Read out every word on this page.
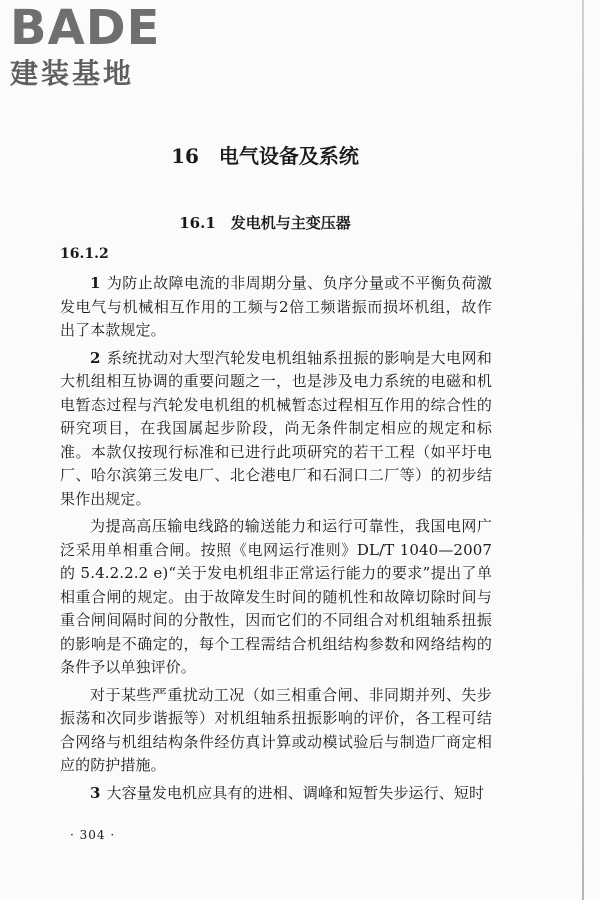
BADE
建装基地
16　电气设备及系统
16.1　发电机与主变压器
16.1.2

1 为防止故障电流的非周期分量、负序分量或不平衡负荷激发电气与机械相互作用的工频与2倍工频谐振而损坏机组，故作出了本款规定。

2 系统扰动对大型汽轮发电机组轴系扭振的影响是大电网和大机组相互协调的重要问题之一，也是涉及电力系统的电磁和机电暂态过程与汽轮发电机组的机械暂态过程相互作用的综合性的研究项目，在我国属起步阶段，尚无条件制定相应的规定和标准。本款仅按现行标准和已进行此项研究的若干工程（如平圩电厂、哈尔滨第三发电厂、北仑港电厂和石洞口二厂等）的初步结果作出规定。

为提高高压输电线路的输送能力和运行可靠性，我国电网广泛采用单相重合闸。按照《电网运行准则》DL/T 1040—2007 的 5.4.2.2.2 e)“关于发电机组非正常运行能力的要求”提出了单相重合闸的规定。由于故障发生时间的随机性和故障切除时间与重合闸间隔时间的分散性，因而它们的不同组合对机组轴系扭振的影响是不确定的，每个工程需结合机组结构参数和网络结构的条件予以单独评价。

对于某些严重扰动工况（如三相重合闸、非同期并列、失步振荡和次同步谐振等）对机组轴系扭振影响的评价，各工程可结合网络与机组结构条件经仿真计算或动模试验后与制造厂商定相应的防护措施。

3 大容量发电机应具有的进相、调峰和短暂失步运行、短时

· 304 ·
